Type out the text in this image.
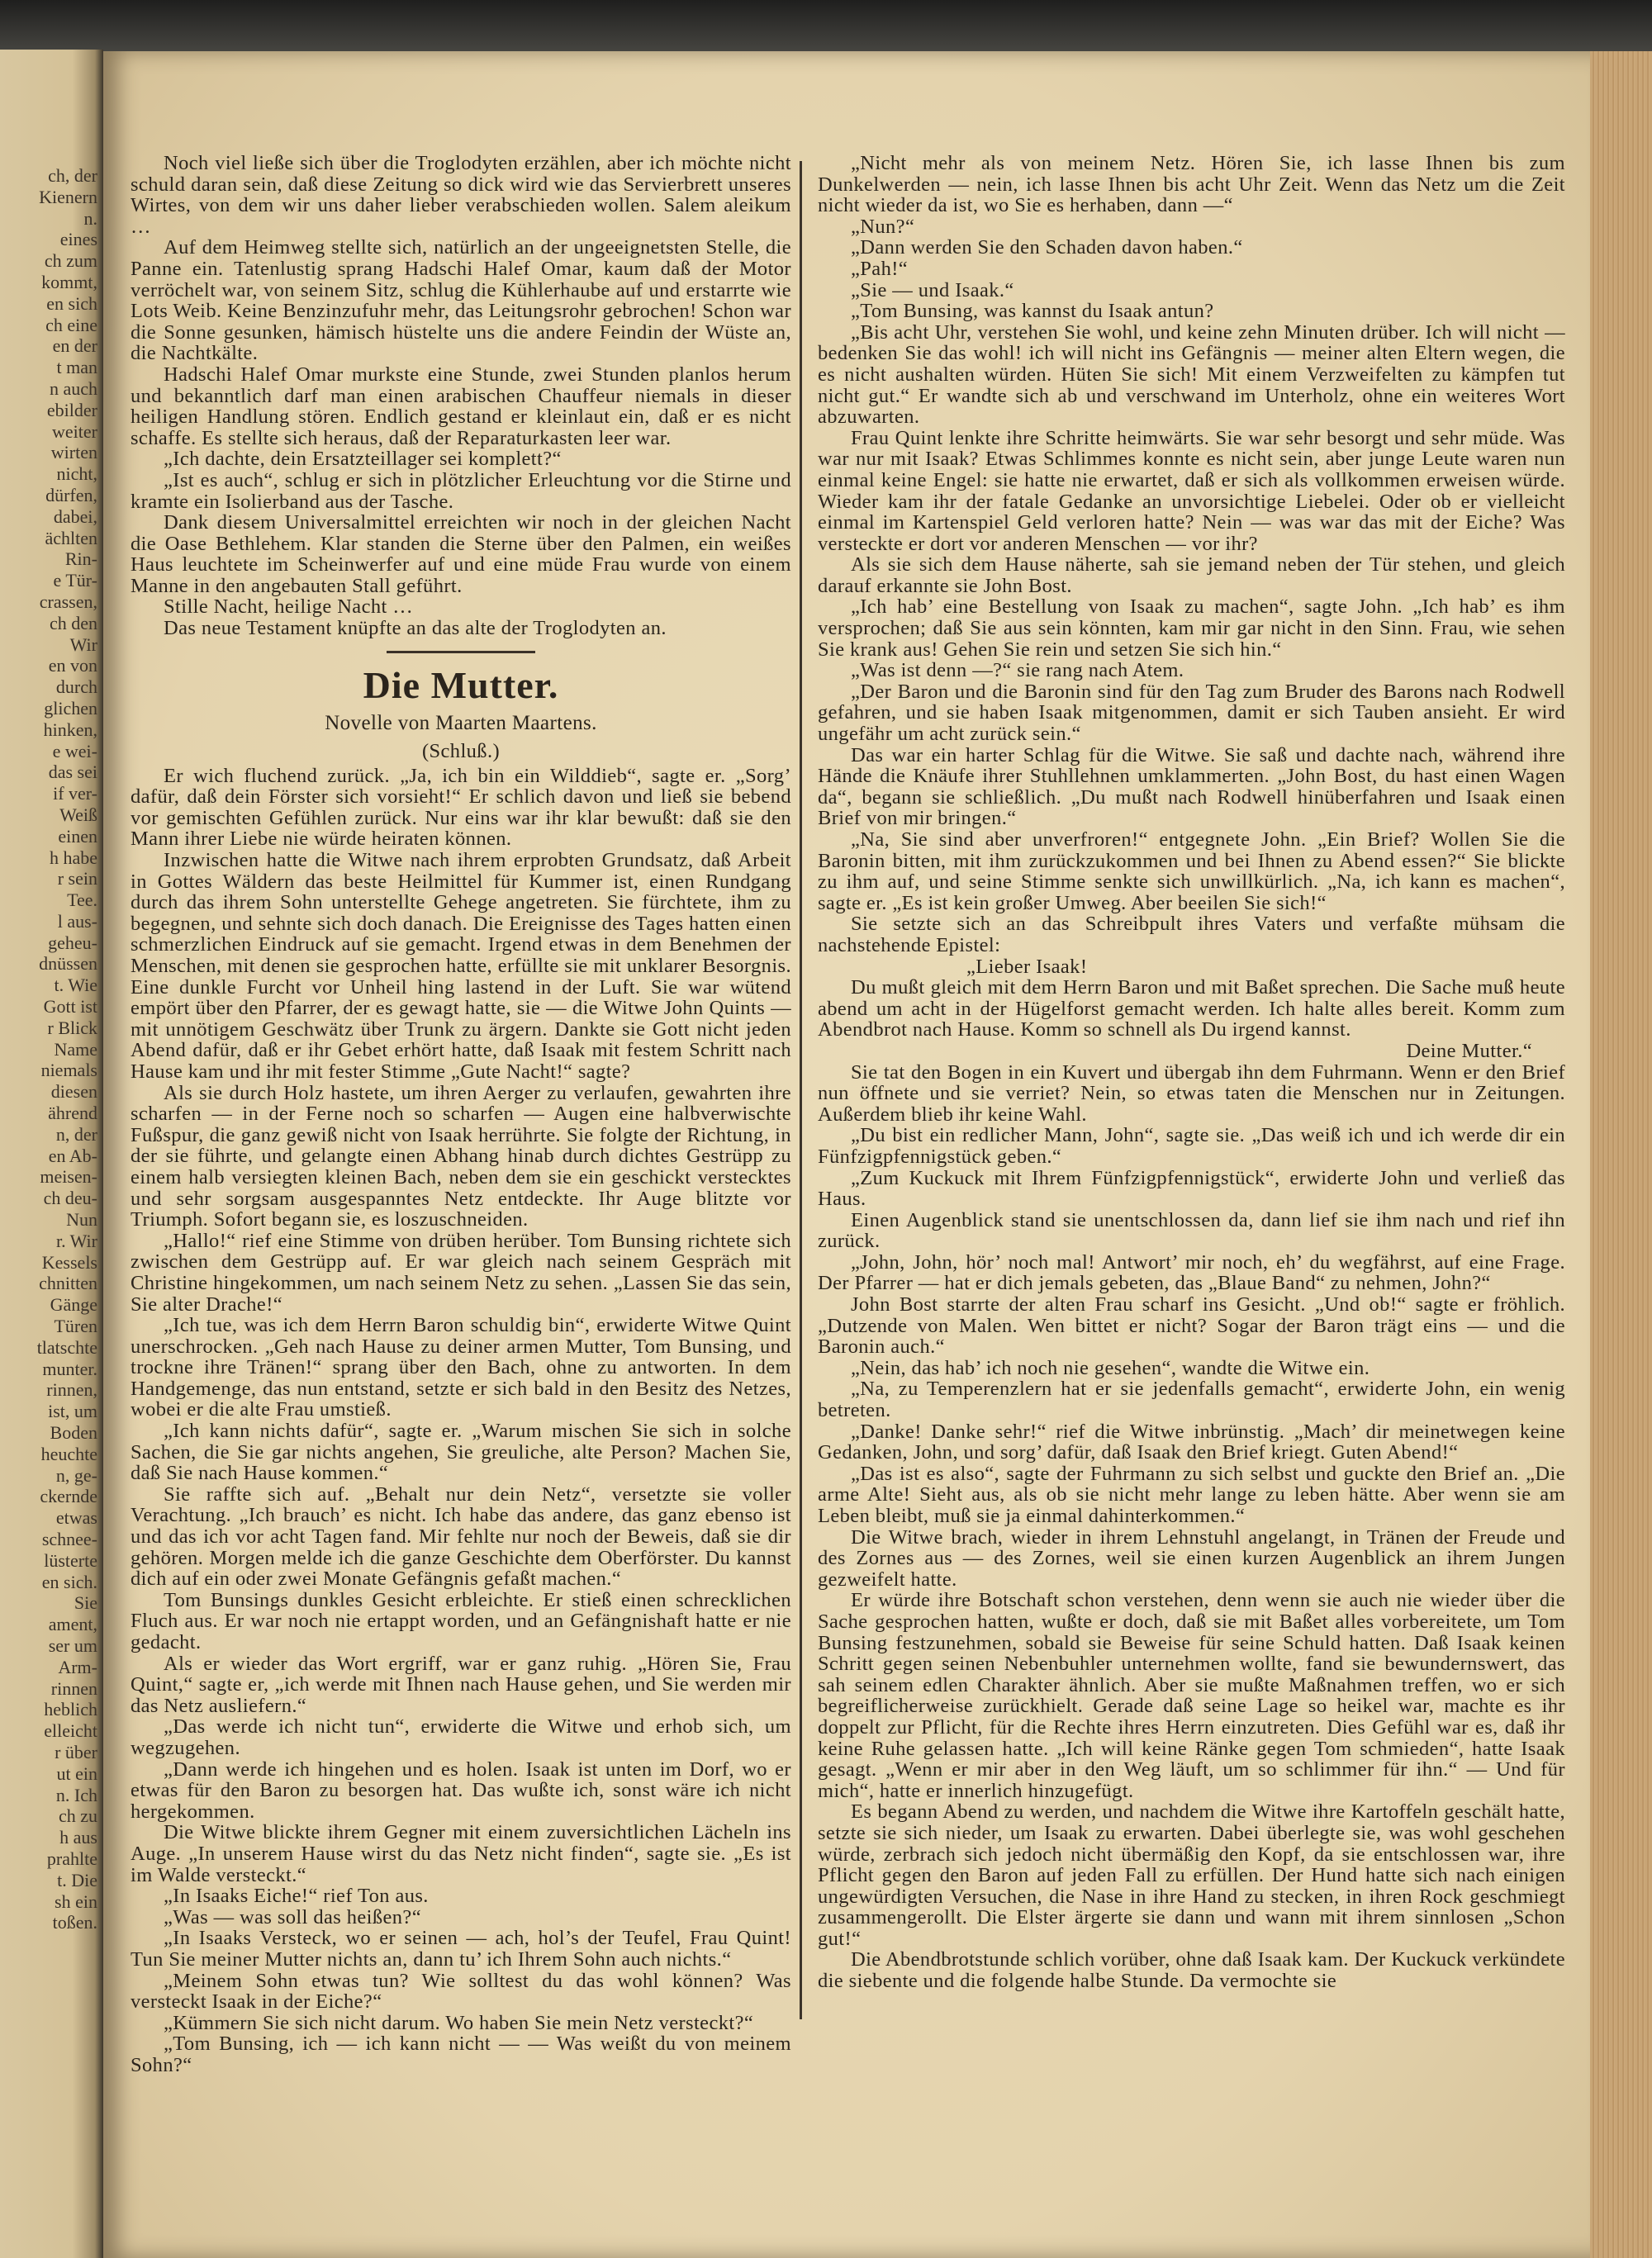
ch, der
Kienern
n.
eines
ch zum
kommt,
en sich
ch eine
en der
t man
n auch
ebilder
weiter
wirten
nicht,
dürfen,
dabei,
ächlten
Rin-
e Tür-
crassen,
ch den
Wir
en von
durch
glichen
hinken,
e wei-
das sei
if ver-
Weiß
einen
h habe
r sein
Tee.
l aus-
geheu-
dnüssen
t. Wie
Gott ist
r Blick
Name
niemals
diesen
ährend
n, der
en Ab-
meisen-
ch deu-
Nun
r. Wir
Kessels
chnitten
Gänge
Türen
tlatschte
munter.
rinnen,
ist, um
Boden
heuchte
n, ge-
ckernde
etwas
schnee-
lüsterte
en sich.
Sie
ament,
ser um
Arm-
rinnen
heblich
elleicht
r über
ut ein
n. Ich
ch zu
h aus
prahlte
t. Die
sh ein
toßen.

Noch viel ließe sich über die Troglodyten erzählen, aber ich möchte nicht schuld daran sein, daß diese Zeitung so dick wird wie das Servierbrett unseres Wirtes, von dem wir uns daher lieber verabschieden wollen. Salem aleikum …

Auf dem Heimweg stellte sich, natürlich an der ungeeignetsten Stelle, die Panne ein. Tatenlustig sprang Hadschi Halef Omar, kaum daß der Motor verröchelt war, von seinem Sitz, schlug die Kühlerhaube auf und erstarrte wie Lots Weib. Keine Benzinzufuhr mehr, das Leitungsrohr gebrochen! Schon war die Sonne gesunken, hämisch hüstelte uns die andere Feindin der Wüste an, die Nachtkälte.

Hadschi Halef Omar murkste eine Stunde, zwei Stunden planlos herum und bekanntlich darf man einen arabischen Chauffeur niemals in dieser heiligen Handlung stören. Endlich gestand er kleinlaut ein, daß er es nicht schaffe. Es stellte sich heraus, daß der Reparaturkasten leer war.

„Ich dachte, dein Ersatzteillager sei komplett?“

„Ist es auch“, schlug er sich in plötzlicher Erleuchtung vor die Stirne und kramte ein Isolierband aus der Tasche.

Dank diesem Universalmittel erreichten wir noch in der gleichen Nacht die Oase Bethlehem. Klar standen die Sterne über den Palmen, ein weißes Haus leuchtete im Scheinwerfer auf und eine müde Frau wurde von einem Manne in den angebauten Stall geführt.

Stille Nacht, heilige Nacht …

Das neue Testament knüpfte an das alte der Troglodyten an.

Die Mutter.

Novelle von Maarten Maartens.

(Schluß.)

Er wich fluchend zurück. „Ja, ich bin ein Wilddieb“, sagte er. „Sorg’ dafür, daß dein Förster sich vorsieht!“ Er schlich davon und ließ sie bebend vor gemischten Gefühlen zurück. Nur eins war ihr klar bewußt: daß sie den Mann ihrer Liebe nie würde heiraten können.

Inzwischen hatte die Witwe nach ihrem erprobten Grundsatz, daß Arbeit in Gottes Wäldern das beste Heilmittel für Kummer ist, einen Rundgang durch das ihrem Sohn unterstellte Gehege angetreten. Sie fürchtete, ihm zu begegnen, und sehnte sich doch danach. Die Ereignisse des Tages hatten einen schmerzlichen Eindruck auf sie gemacht. Irgend etwas in dem Benehmen der Menschen, mit denen sie gesprochen hatte, erfüllte sie mit unklarer Besorgnis. Eine dunkle Furcht vor Unheil hing lastend in der Luft. Sie war wütend empört über den Pfarrer, der es gewagt hatte, sie — die Witwe John Quints — mit unnötigem Geschwätz über Trunk zu ärgern. Dankte sie Gott nicht jeden Abend dafür, daß er ihr Gebet erhört hatte, daß Isaak mit festem Schritt nach Hause kam und ihr mit fester Stimme „Gute Nacht!“ sagte?

Als sie durch Holz hastete, um ihren Aerger zu verlaufen, gewahrten ihre scharfen — in der Ferne noch so scharfen — Augen eine halbverwischte Fußspur, die ganz gewiß nicht von Isaak herrührte. Sie folgte der Richtung, in der sie führte, und gelangte einen Abhang hinab durch dichtes Gestrüpp zu einem halb versiegten kleinen Bach, neben dem sie ein geschickt verstecktes und sehr sorgsam ausgespanntes Netz entdeckte. Ihr Auge blitzte vor Triumph. Sofort begann sie, es loszuschneiden.

„Hallo!“ rief eine Stimme von drüben herüber. Tom Bunsing richtete sich zwischen dem Gestrüpp auf. Er war gleich nach seinem Gespräch mit Christine hingekommen, um nach seinem Netz zu sehen. „Lassen Sie das sein, Sie alter Drache!“

„Ich tue, was ich dem Herrn Baron schuldig bin“, erwiderte Witwe Quint unerschrocken. „Geh nach Hause zu deiner armen Mutter, Tom Bunsing, und trockne ihre Tränen!“ sprang über den Bach, ohne zu antworten. In dem Handgemenge, das nun entstand, setzte er sich bald in den Besitz des Netzes, wobei er die alte Frau umstieß.

„Ich kann nichts dafür“, sagte er. „Warum mischen Sie sich in solche Sachen, die Sie gar nichts angehen, Sie greuliche, alte Person? Machen Sie, daß Sie nach Hause kommen.“

Sie raffte sich auf. „Behalt nur dein Netz“, versetzte sie voller Verachtung. „Ich brauch’ es nicht. Ich habe das andere, das ganz ebenso ist und das ich vor acht Tagen fand. Mir fehlte nur noch der Beweis, daß sie dir gehören. Morgen melde ich die ganze Geschichte dem Oberförster. Du kannst dich auf ein oder zwei Monate Gefängnis gefaßt machen.“

Tom Bunsings dunkles Gesicht erbleichte. Er stieß einen schrecklichen Fluch aus. Er war noch nie ertappt worden, und an Gefängnishaft hatte er nie gedacht.

Als er wieder das Wort ergriff, war er ganz ruhig. „Hören Sie, Frau Quint,“ sagte er, „ich werde mit Ihnen nach Hause gehen, und Sie werden mir das Netz ausliefern.“

„Das werde ich nicht tun“, erwiderte die Witwe und erhob sich, um wegzugehen.

„Dann werde ich hingehen und es holen. Isaak ist unten im Dorf, wo er etwas für den Baron zu besorgen hat. Das wußte ich, sonst wäre ich nicht hergekommen.

Die Witwe blickte ihrem Gegner mit einem zuversichtlichen Lächeln ins Auge. „In unserem Hause wirst du das Netz nicht finden“, sagte sie. „Es ist im Walde versteckt.“

„In Isaaks Eiche!“ rief Ton aus.

„Was — was soll das heißen?“

„In Isaaks Versteck, wo er seinen — ach, hol’s der Teufel, Frau Quint! Tun Sie meiner Mutter nichts an, dann tu’ ich Ihrem Sohn auch nichts.“

„Meinem Sohn etwas tun? Wie solltest du das wohl können? Was versteckt Isaak in der Eiche?“

„Kümmern Sie sich nicht darum. Wo haben Sie mein Netz versteckt?“

„Tom Bunsing, ich — ich kann nicht — — Was weißt du von meinem Sohn?“

„Nicht mehr als von meinem Netz. Hören Sie, ich lasse Ihnen bis zum Dunkelwerden — nein, ich lasse Ihnen bis acht Uhr Zeit. Wenn das Netz um die Zeit nicht wieder da ist, wo Sie es herhaben, dann —“

„Nun?“

„Dann werden Sie den Schaden davon haben.“

„Pah!“

„Sie — und Isaak.“

„Tom Bunsing, was kannst du Isaak antun?

„Bis acht Uhr, verstehen Sie wohl, und keine zehn Minuten drüber. Ich will nicht — bedenken Sie das wohl! ich will nicht ins Gefängnis — meiner alten Eltern wegen, die es nicht aushalten würden. Hüten Sie sich! Mit einem Verzweifelten zu kämpfen tut nicht gut.“ Er wandte sich ab und verschwand im Unterholz, ohne ein weiteres Wort abzuwarten.

Frau Quint lenkte ihre Schritte heimwärts. Sie war sehr besorgt und sehr müde. Was war nur mit Isaak? Etwas Schlimmes konnte es nicht sein, aber junge Leute waren nun einmal keine Engel: sie hatte nie erwartet, daß er sich als vollkommen erweisen würde. Wieder kam ihr der fatale Gedanke an unvorsichtige Liebelei. Oder ob er vielleicht einmal im Kartenspiel Geld verloren hatte? Nein — was war das mit der Eiche? Was versteckte er dort vor anderen Menschen — vor ihr?

Als sie sich dem Hause näherte, sah sie jemand neben der Tür stehen, und gleich darauf erkannte sie John Bost.

„Ich hab’ eine Bestellung von Isaak zu machen“, sagte John. „Ich hab’ es ihm versprochen; daß Sie aus sein könnten, kam mir gar nicht in den Sinn. Frau, wie sehen Sie krank aus! Gehen Sie rein und setzen Sie sich hin.“

„Was ist denn —?“ sie rang nach Atem.

„Der Baron und die Baronin sind für den Tag zum Bruder des Barons nach Rodwell gefahren, und sie haben Isaak mitgenommen, damit er sich Tauben ansieht. Er wird ungefähr um acht zurück sein.“

Das war ein harter Schlag für die Witwe. Sie saß und dachte nach, während ihre Hände die Knäufe ihrer Stuhllehnen umklammerten. „John Bost, du hast einen Wagen da“, begann sie schließlich. „Du mußt nach Rodwell hinüberfahren und Isaak einen Brief von mir bringen.“

„Na, Sie sind aber unverfroren!“ entgegnete John. „Ein Brief? Wollen Sie die Baronin bitten, mit ihm zurückzukommen und bei Ihnen zu Abend essen?“ Sie blickte zu ihm auf, und seine Stimme senkte sich unwillkürlich. „Na, ich kann es machen“, sagte er. „Es ist kein großer Umweg. Aber beeilen Sie sich!“

Sie setzte sich an das Schreibpult ihres Vaters und verfaßte mühsam die nachstehende Epistel:

„Lieber Isaak!

Du mußt gleich mit dem Herrn Baron und mit Baßet sprechen. Die Sache muß heute abend um acht in der Hügelforst gemacht werden. Ich halte alles bereit. Komm zum Abendbrot nach Hause. Komm so schnell als Du irgend kannst.

Deine Mutter.“

Sie tat den Bogen in ein Kuvert und übergab ihn dem Fuhrmann. Wenn er den Brief nun öffnete und sie verriet? Nein, so etwas taten die Menschen nur in Zeitungen. Außerdem blieb ihr keine Wahl.

„Du bist ein redlicher Mann, John“, sagte sie. „Das weiß ich und ich werde dir ein Fünfzigpfennigstück geben.“

„Zum Kuckuck mit Ihrem Fünfzigpfennigstück“, erwiderte John und verließ das Haus.

Einen Augenblick stand sie unentschlossen da, dann lief sie ihm nach und rief ihn zurück.

„John, John, hör’ noch mal! Antwort’ mir noch, eh’ du wegfährst, auf eine Frage. Der Pfarrer — hat er dich jemals gebeten, das „Blaue Band“ zu nehmen, John?“

John Bost starrte der alten Frau scharf ins Gesicht. „Und ob!“ sagte er fröhlich. „Dutzende von Malen. Wen bittet er nicht? Sogar der Baron trägt eins — und die Baronin auch.“

„Nein, das hab’ ich noch nie gesehen“, wandte die Witwe ein.

„Na, zu Temperenzlern hat er sie jedenfalls gemacht“, erwiderte John, ein wenig betreten.

„Danke! Danke sehr!“ rief die Witwe inbrünstig. „Mach’ dir meinetwegen keine Gedanken, John, und sorg’ dafür, daß Isaak den Brief kriegt. Guten Abend!“

„Das ist es also“, sagte der Fuhrmann zu sich selbst und guckte den Brief an. „Die arme Alte! Sieht aus, als ob sie nicht mehr lange zu leben hätte. Aber wenn sie am Leben bleibt, muß sie ja einmal dahinterkommen.“

Die Witwe brach, wieder in ihrem Lehnstuhl angelangt, in Tränen der Freude und des Zornes aus — des Zornes, weil sie einen kurzen Augenblick an ihrem Jungen gezweifelt hatte.

Er würde ihre Botschaft schon verstehen, denn wenn sie auch nie wieder über die Sache gesprochen hatten, wußte er doch, daß sie mit Baßet alles vorbereitete, um Tom Bunsing festzunehmen, sobald sie Beweise für seine Schuld hatten. Daß Isaak keinen Schritt gegen seinen Nebenbuhler unternehmen wollte, fand sie bewundernswert, das sah seinem edlen Charakter ähnlich. Aber sie mußte Maßnahmen treffen, wo er sich begreiflicherweise zurückhielt. Gerade daß seine Lage so heikel war, machte es ihr doppelt zur Pflicht, für die Rechte ihres Herrn einzutreten. Dies Gefühl war es, daß ihr keine Ruhe gelassen hatte. „Ich will keine Ränke gegen Tom schmieden“, hatte Isaak gesagt. „Wenn er mir aber in den Weg läuft, um so schlimmer für ihn.“ — Und für mich“, hatte er innerlich hinzugefügt.

Es begann Abend zu werden, und nachdem die Witwe ihre Kartoffeln geschält hatte, setzte sie sich nieder, um Isaak zu erwarten. Dabei überlegte sie, was wohl geschehen würde, zerbrach sich jedoch nicht übermäßig den Kopf, da sie entschlossen war, ihre Pflicht gegen den Baron auf jeden Fall zu erfüllen. Der Hund hatte sich nach einigen ungewürdigten Versuchen, die Nase in ihre Hand zu stecken, in ihren Rock geschmiegt zusammengerollt. Die Elster ärgerte sie dann und wann mit ihrem sinnlosen „Schon gut!“

Die Abendbrotstunde schlich vorüber, ohne daß Isaak kam. Der Kuckuck verkündete die siebente und die folgende halbe Stunde. Da vermochte sie
